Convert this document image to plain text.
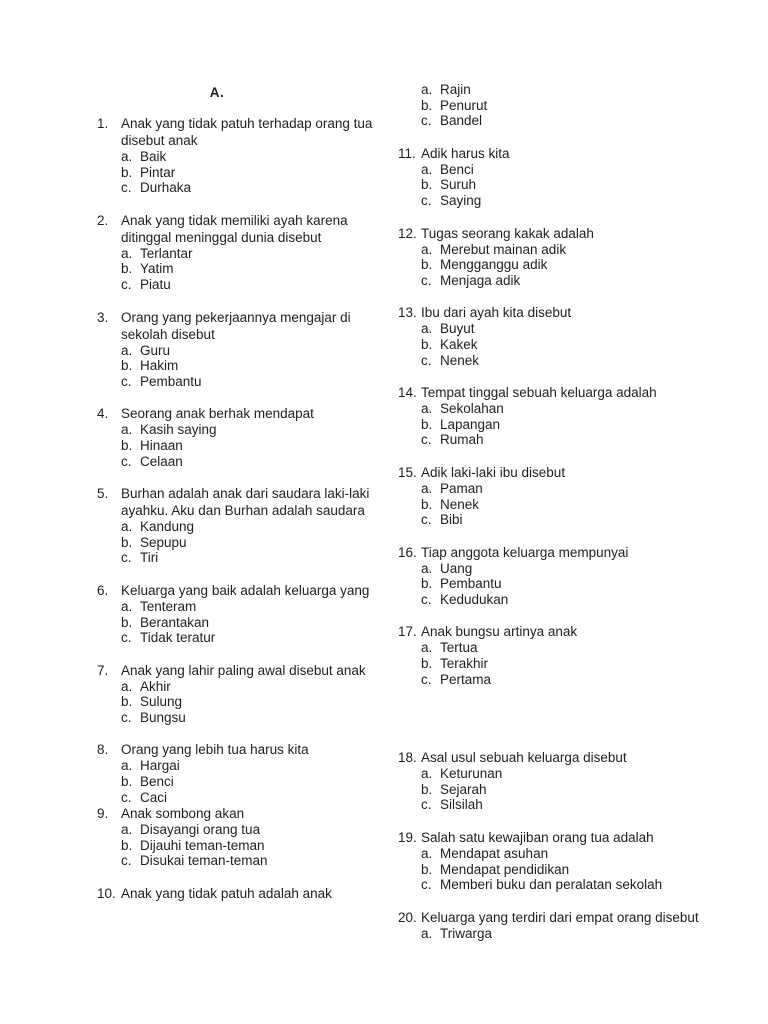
A.
1. Anak yang tidak patuh terhadap orang tua disebut anak
a. Baik
b. Pintar
c. Durhaka
2. Anak yang tidak memiliki ayah karena ditinggal meninggal dunia disebut
a. Terlantar
b. Yatim
c. Piatu
3. Orang yang pekerjaannya mengajar di sekolah disebut
a. Guru
b. Hakim
c. Pembantu
4. Seorang anak berhak mendapat
a. Kasih saying
b. Hinaan
c. Celaan
5. Burhan adalah anak dari saudara laki-laki ayahku. Aku dan Burhan adalah saudara
a. Kandung
b. Sepupu
c. Tiri
6. Keluarga yang baik adalah keluarga yang
a. Tenteram
b. Berantakan
c. Tidak teratur
7. Anak yang lahir paling awal disebut anak
a. Akhir
b. Sulung
c. Bungsu
8. Orang yang lebih tua harus kita
a. Hargai
b. Benci
c. Caci
9. Anak sombong akan
a. Disayangi orang tua
b. Dijauhi teman-teman
c. Disukai teman-teman
10. Anak yang tidak patuh adalah anak
a. Rajin
b. Penurut
c. Bandel
11. Adik harus kita
a. Benci
b. Suruh
c. Saying
12. Tugas seorang kakak adalah
a. Merebut mainan adik
b. Mengganggu adik
c. Menjaga adik
13. Ibu dari ayah kita disebut
a. Buyut
b. Kakek
c. Nenek
14. Tempat tinggal sebuah keluarga adalah
a. Sekolahan
b. Lapangan
c. Rumah
15. Adik laki-laki ibu disebut
a. Paman
b. Nenek
c. Bibi
16. Tiap anggota keluarga mempunyai
a. Uang
b. Pembantu
c. Kedudukan
17. Anak bungsu artinya anak
a. Tertua
b. Terakhir
c. Pertama
18. Asal usul sebuah keluarga disebut
a. Keturunan
b. Sejarah
c. Silsilah
19. Salah satu kewajiban orang tua adalah
a. Mendapat asuhan
b. Mendapat pendidikan
c. Memberi buku dan peralatan sekolah
20. Keluarga yang terdiri dari empat orang disebut
a. Triwarga
